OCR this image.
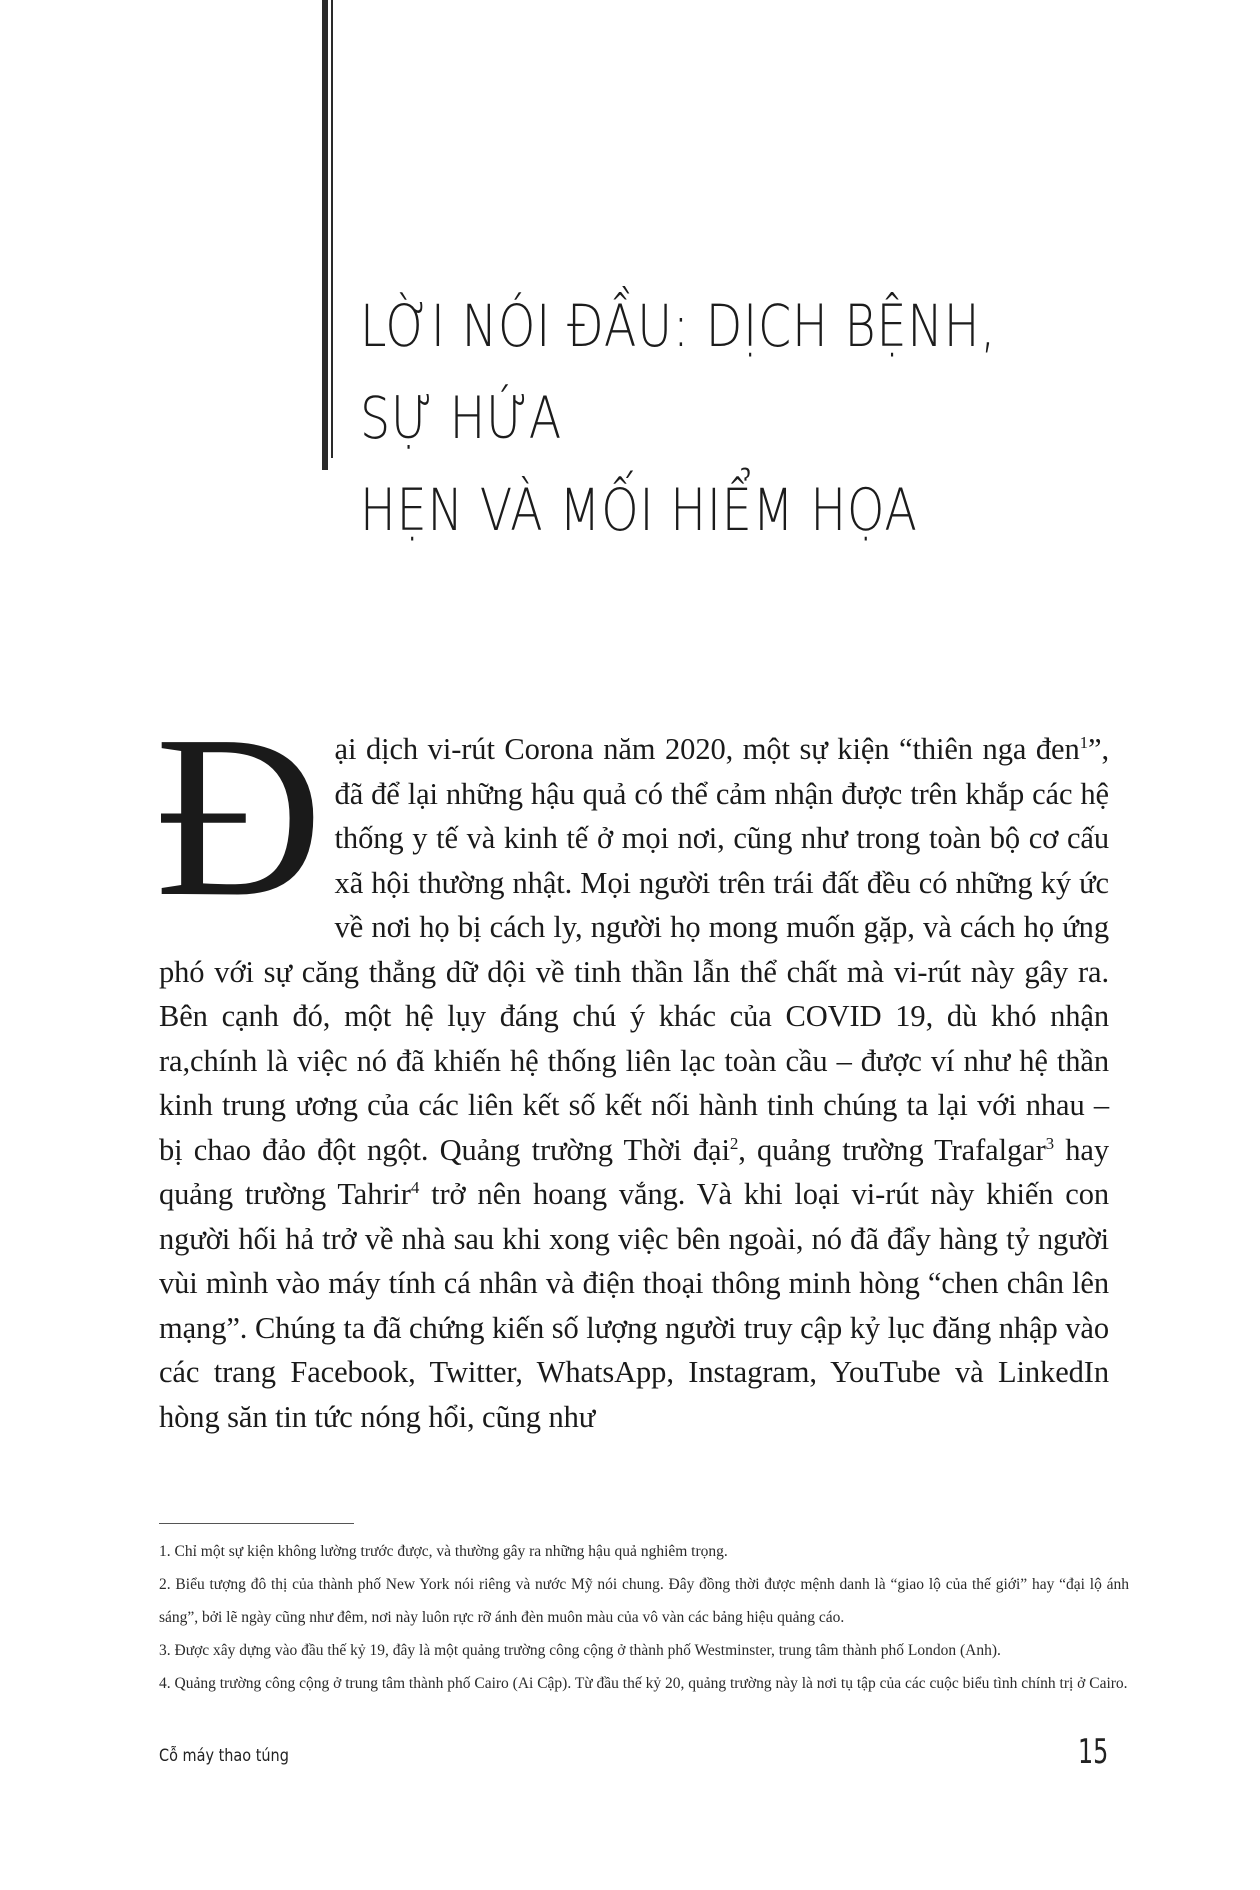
LỜI NÓI ĐẦU: DỊCH BỆNH, SỰ HỨA
HẸN VÀ MỐI HIỂM HỌA
Đ ại dịch vi-rút Corona năm 2020, một sự kiện “thiên nga đen$^1$”, đã để lại những hậu quả có thể cảm nhận được trên khắp các hệ thống y tế và kinh tế ở mọi nơi, cũng như trong toàn bộ cơ cấu xã hội thường nhật. Mọi người trên trái đất đều có những ký ức về nơi họ bị cách ly, người họ mong muốn gặp, và cách họ ứng phó với sự căng thẳng dữ dội về tinh thần lẫn thể chất mà vi-rút này gây ra. Bên cạnh đó, một hệ lụy đáng chú ý khác của COVID 19, dù khó nhận ra,chính là việc nó đã khiến hệ thống liên lạc toàn cầu – được ví như hệ thần kinh trung ương của các liên kết số kết nối hành tinh chúng ta lại với nhau – bị chao đảo đột ngột. Quảng trường Thời đại$^2$, quảng trường Trafalgar$^3$ hay quảng trường Tahrir$^4$ trở nên hoang vắng. Và khi loại vi-rút này khiến con người hối hả trở về nhà sau khi xong việc bên ngoài, nó đã đẩy hàng tỷ người vùi mình vào máy tính cá nhân và điện thoại thông minh hòng “chen chân lên mạng”. Chúng ta đã chứng kiến số lượng người truy cập kỷ lục đăng nhập vào các trang Facebook, Twitter, WhatsApp, Instagram, YouTube và LinkedIn hòng săn tin tức nóng hổi, cũng như

1. Chỉ một sự kiện không lường trước được, và thường gây ra những hậu quả nghiêm trọng.

2. Biểu tượng đô thị của thành phố New York nói riêng và nước Mỹ nói chung. Đây đồng thời được mệnh danh là “giao lộ của thế giới” hay “đại lộ ánh sáng”, bởi lẽ ngày cũng như đêm, nơi này luôn rực rỡ ánh đèn muôn màu của vô vàn các bảng hiệu quảng cáo.

3. Được xây dựng vào đầu thế kỷ 19, đây là một quảng trường công cộng ở thành phố Westminster, trung tâm thành phố London (Anh).

4. Quảng trường công cộng ở trung tâm thành phố Cairo (Ai Cập). Từ đầu thế kỷ 20, quảng trường này là nơi tụ tập của các cuộc biểu tình chính trị ở Cairo.

Cỗ máy thao túng	15
